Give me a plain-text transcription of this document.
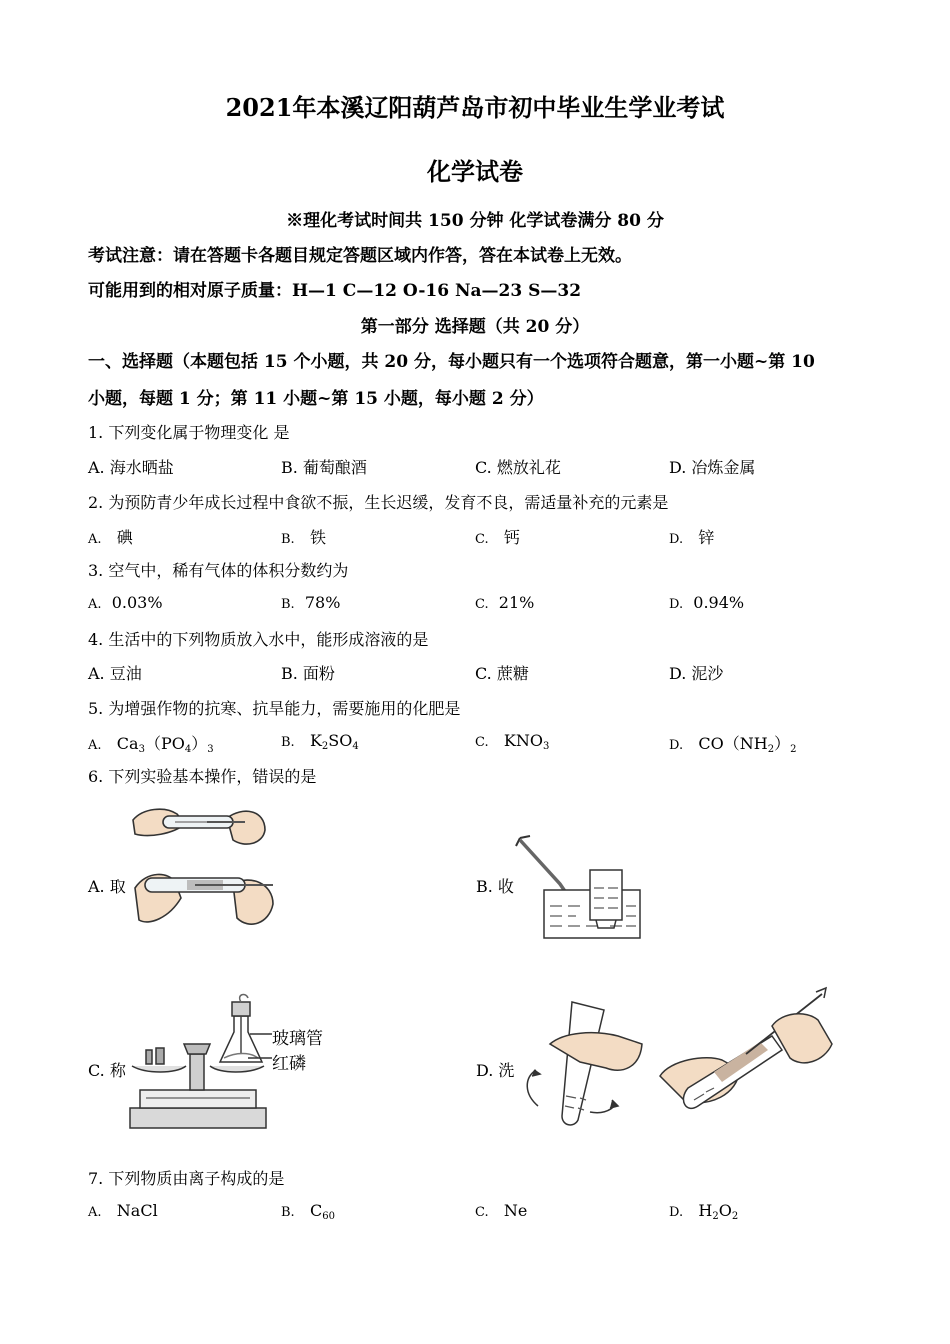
2021年本溪辽阳葫芦岛市初中毕业生学业考试
化学试卷
※理化考试时间共 150 分钟 化学试卷满分 80 分
考试注意：请在答题卡各题目规定答题区域内作答，答在本试卷上无效。
可能用到的相对原子质量：H—1 C—12 O-16 Na—23 S—32
第一部分 选择题（共 20 分）
一、选择题（本题包括 15 个小题，共 20 分，每小题只有一个选项符合题意，第一小题~第 10
小题，每题 1 分；第 11 小题~第 15 小题，每小题 2 分）
1. 下列变化属于物理变化 是
A. 海水晒盐	B. 葡萄酿酒	C. 燃放礼花	D. 冶炼金属
2. 为预防青少年成长过程中食欲不振，生长迟缓，发育不良，需适量补充的元素是
A. 碘	B. 铁	C. 钙	D. 锌
3. 空气中，稀有气体的体积分数约为
A. 0.03%	B. 78%	C. 21%	D. 0.94%
4. 生活中的下列物质放入水中，能形成溶液的是
A. 豆油	B. 面粉	C. 蔗糖	D. 泥沙
5. 为增强作物的抗寒、抗旱能力，需要施用的化肥是
A. $Ca_3(PO_4)_3$	B. $K_2SO_4$	C. $KNO_3$	D. $CO(NH_2)_2$
6. 下列实验基本操作，错误的是
A. 取	B. 收
玻璃管
红磷
C. 称	D. 洗
7. 下列物质由离子构成的是
A. NaCl	B. $C_{60}$	C. Ne	D. $H_2O_2$
